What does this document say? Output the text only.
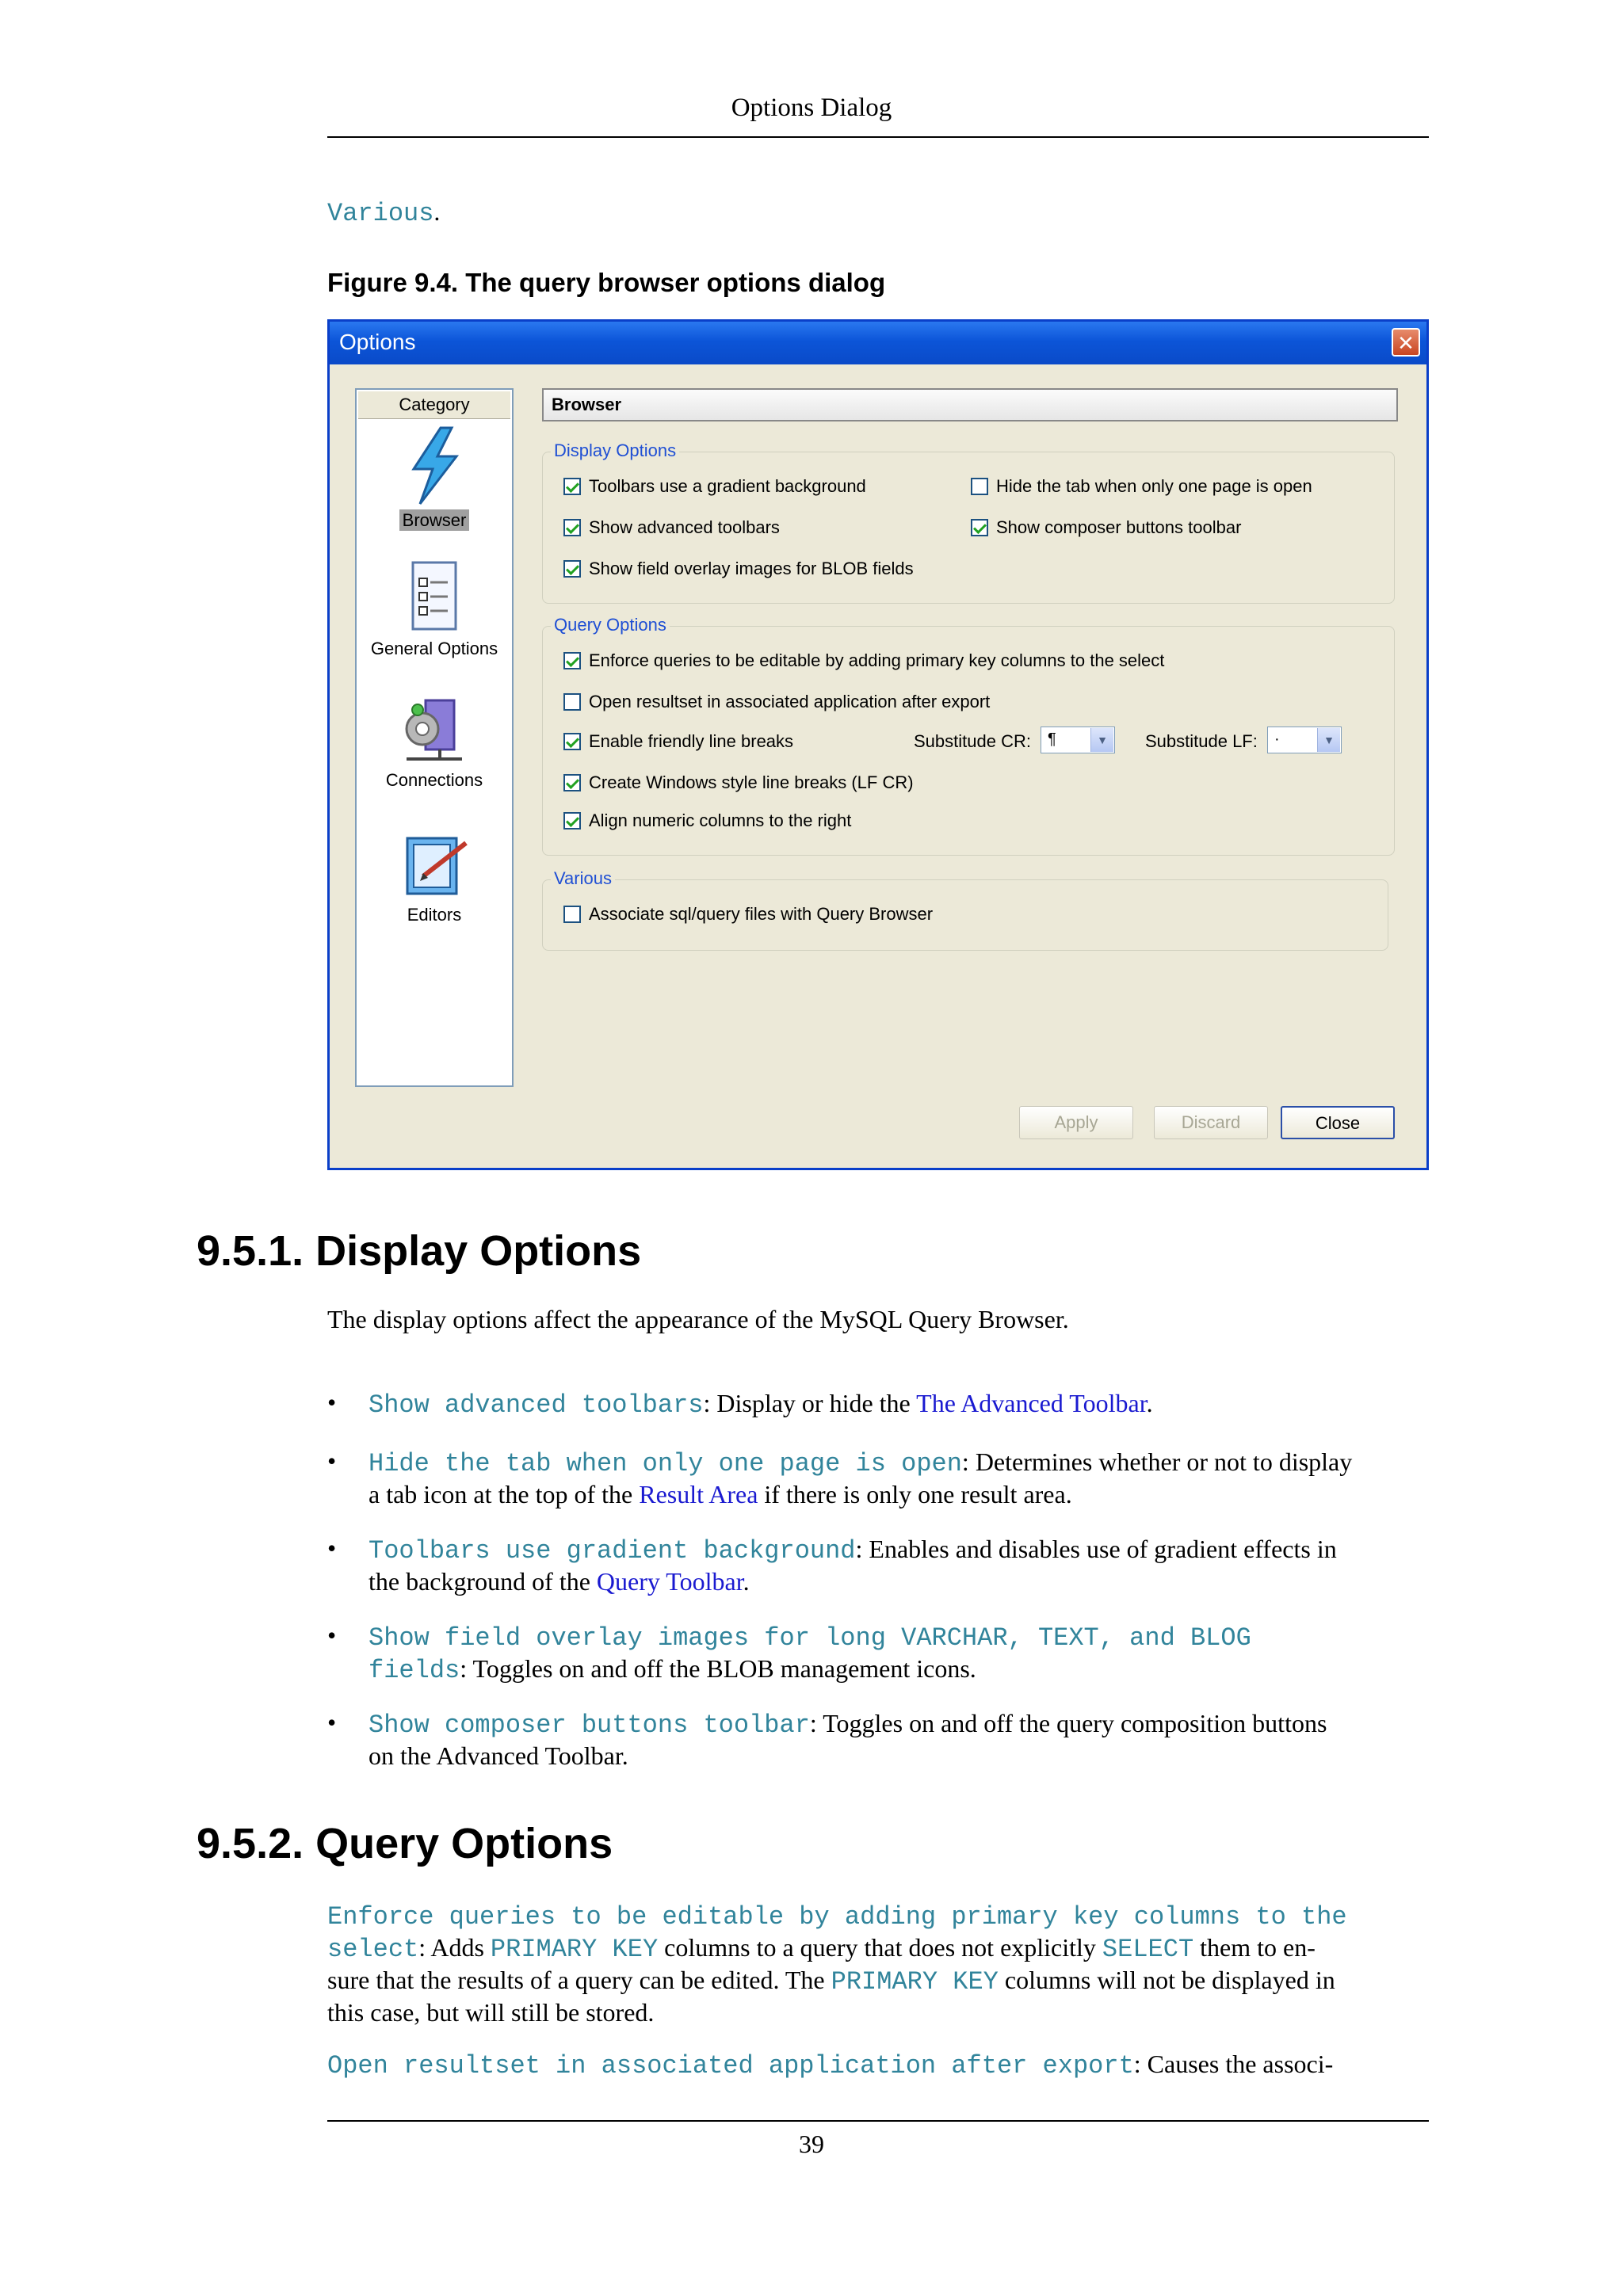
Options Dialog
Various.
Figure 9.4. The query browser options dialog
Options	✕
Category
Browser
General Options
Connections
Editors
Browser
Display Options
Toolbars use a gradient background	Hide the tab when only one page is open
Show advanced toolbars	Show composer buttons toolbar
Show field overlay images for BLOB fields
Query Options
Enforce queries to be editable by adding primary key columns to the select
Open resultset in associated application after export
Enable friendly line breaks	Substitude CR: ¶	▼	Substitude LF: ·	▼
Create Windows style line breaks (LF CR)
Align numeric columns to the right
Various
Associate sql/query files with Query Browser
Apply	Discard	Close
9.5.1. Display Options
The display options affect the appearance of the MySQL Query Browser.
• Show advanced toolbars: Display or hide the The Advanced Toolbar.
• Hide the tab when only one page is open: Determines whether or not to display
a tab icon at the top of the Result Area if there is only one result area.
• Toolbars use gradient background: Enables and disables use of gradient effects in
the background of the Query Toolbar.
• Show field overlay images for long VARCHAR, TEXT, and BLOG
fields: Toggles on and off the BLOB management icons.
• Show composer buttons toolbar: Toggles on and off the query composition buttons
on the Advanced Toolbar.
9.5.2. Query Options
Enforce queries to be editable by adding primary key columns to the
select: Adds PRIMARY KEY columns to a query that does not explicitly SELECT them to en-
sure that the results of a query can be edited. The PRIMARY KEY columns will not be displayed in
this case, but will still be stored.
Open resultset in associated application after export: Causes the associ-
39
